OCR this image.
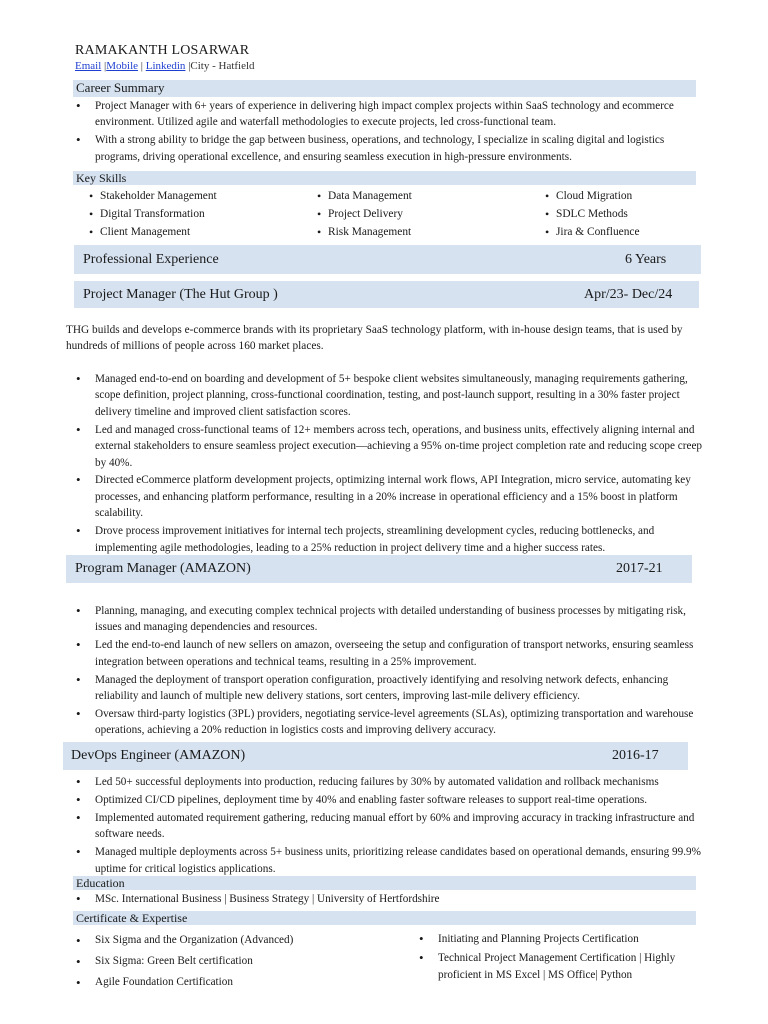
RAMAKANTH LOSARWAR
Email |Mobile | Linkedin |City - Hatfield
Career Summary
• Project Manager with 6+ years of experience in delivering high impact complex projects within SaaS technology and ecommerce environment. Utilized agile and waterfall methodologies to execute projects, led cross-functional team.
• With a strong ability to bridge the gap between business, operations, and technology, I specialize in scaling digital and logistics programs, driving operational excellence, and ensuring seamless execution in high-pressure environments.
Key Skills
• Stakeholder Management
• Digital Transformation
• Client Management
• Data Management
• Project Delivery
• Risk Management
• Cloud Migration
• SDLC Methods
• Jira & Confluence
Professional Experience	6 Years
Project Manager (The Hut Group )	Apr/23- Dec/24
THG builds and develops e-commerce brands with its proprietary SaaS technology platform, with in-house design teams, that is used by hundreds of millions of people across 160 market places.
• Managed end-to-end on boarding and development of 5+ bespoke client websites simultaneously, managing requirements gathering, scope definition, project planning, cross-functional coordination, testing, and post-launch support, resulting in a 30% faster project delivery timeline and improved client satisfaction scores.
• Led and managed cross-functional teams of 12+ members across tech, operations, and business units, effectively aligning internal and external stakeholders to ensure seamless project execution—achieving a 95% on-time project completion rate and reducing scope creep by 40%.
• Directed eCommerce platform development projects, optimizing internal work flows, API Integration, micro service, automating key processes, and enhancing platform performance, resulting in a 20% increase in operational efficiency and a 15% boost in platform scalability.
• Drove process improvement initiatives for internal tech projects, streamlining development cycles, reducing bottlenecks, and implementing agile methodologies, leading to a 25% reduction in project delivery time and a higher success rates.
Program Manager (AMAZON)	2017-21
• Planning, managing, and executing complex technical projects with detailed understanding of business processes by mitigating risk, issues and managing dependencies and resources.
• Led the end-to-end launch of new sellers on amazon, overseeing the setup and configuration of transport networks, ensuring seamless integration between operations and technical teams, resulting in a 25% improvement.
• Managed the deployment of transport operation configuration, proactively identifying and resolving network defects, enhancing reliability and launch of multiple new delivery stations, sort centers, improving last-mile delivery efficiency.
• Oversaw third-party logistics (3PL) providers, negotiating service-level agreements (SLAs), optimizing transportation and warehouse operations, achieving a 20% reduction in logistics costs and improving delivery accuracy.
DevOps Engineer (AMAZON)	2016-17
• Led 50+ successful deployments into production, reducing failures by 30% by automated validation and rollback mechanisms
• Optimized CI/CD pipelines, deployment time by 40% and enabling faster software releases to support real-time operations.
• Implemented automated requirement gathering, reducing manual effort by 60% and improving accuracy in tracking infrastructure and software needs.
• Managed multiple deployments across 5+ business units, prioritizing release candidates based on operational demands, ensuring 99.9% uptime for critical logistics applications.
Education
• MSc. International Business | Business Strategy | University of Hertfordshire
Certificate & Expertise
• Six Sigma and the Organization (Advanced)
• Six Sigma: Green Belt certification
• Agile Foundation Certification
• Initiating and Planning Projects Certification
• Technical Project Management Certification | Highly proficient in MS Excel | MS Office| Python
